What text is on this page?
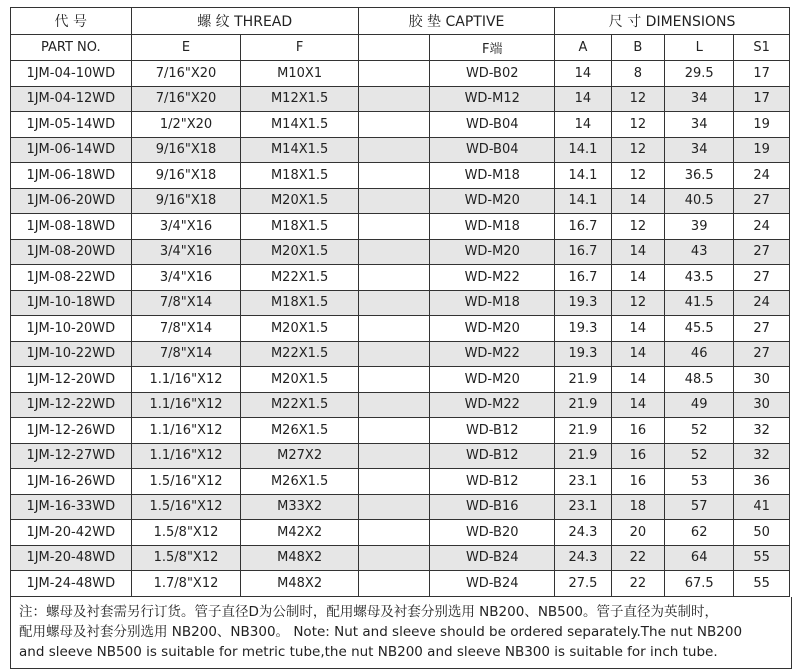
代 号	螺 纹 THREAD		胶 垫 CAPTIVE		尺 寸 DIMENSIONS			
PART NO.	E	F		F端	A	B	L	S1
1JM-04-10WD	7/16"X20	M10X1		WD-B02	14	8	29.5	17
1JM-04-12WD	7/16"X20	M12X1.5		WD-M12	14	12	34	17
1JM-05-14WD	1/2"X20	M14X1.5		WD-B04	14	12	34	19
1JM-06-14WD	9/16"X18	M14X1.5		WD-B04	14.1	12	34	19
1JM-06-18WD	9/16"X18	M18X1.5		WD-M18	14.1	12	36.5	24
1JM-06-20WD	9/16"X18	M20X1.5		WD-M20	14.1	14	40.5	27
1JM-08-18WD	3/4"X16	M18X1.5		WD-M18	16.7	12	39	24
1JM-08-20WD	3/4"X16	M20X1.5		WD-M20	16.7	14	43	27
1JM-08-22WD	3/4"X16	M22X1.5		WD-M22	16.7	14	43.5	27
1JM-10-18WD	7/8"X14	M18X1.5		WD-M18	19.3	12	41.5	24
1JM-10-20WD	7/8"X14	M20X1.5		WD-M20	19.3	14	45.5	27
1JM-10-22WD	7/8"X14	M22X1.5		WD-M22	19.3	14	46	27
1JM-12-20WD	1.1/16"X12	M20X1.5		WD-M20	21.9	14	48.5	30
1JM-12-22WD	1.1/16"X12	M22X1.5		WD-M22	21.9	14	49	30
1JM-12-26WD	1.1/16"X12	M26X1.5		WD-B12	21.9	16	52	32
1JM-12-27WD	1.1/16"X12	M27X2		WD-B12	21.9	16	52	32
1JM-16-26WD	1.5/16"X12	M26X1.5		WD-B12	23.1	16	53	36
1JM-16-33WD	1.5/16"X12	M33X2		WD-B16	23.1	18	57	41
1JM-20-42WD	1.5/8"X12	M42X2		WD-B20	24.3	20	62	50
1JM-20-48WD	1.5/8"X12	M48X2		WD-B24	24.3	22	64	55
1JM-24-48WD	1.7/8"X12	M48X2		WD-B24	27.5	22	67.5	55
注：螺母及衬套需另行订货。管子直径D为公制时，配用螺母及衬套分别选用 NB200、NB500。管子直径为英制时，
配用螺母及衬套分别选用 NB200、NB300。 Note: Nut and sleeve should be ordered separately.The nut NB200
and sleeve NB500 is suitable for metric tube,the nut NB200 and sleeve NB300 is suitable for inch tube.
